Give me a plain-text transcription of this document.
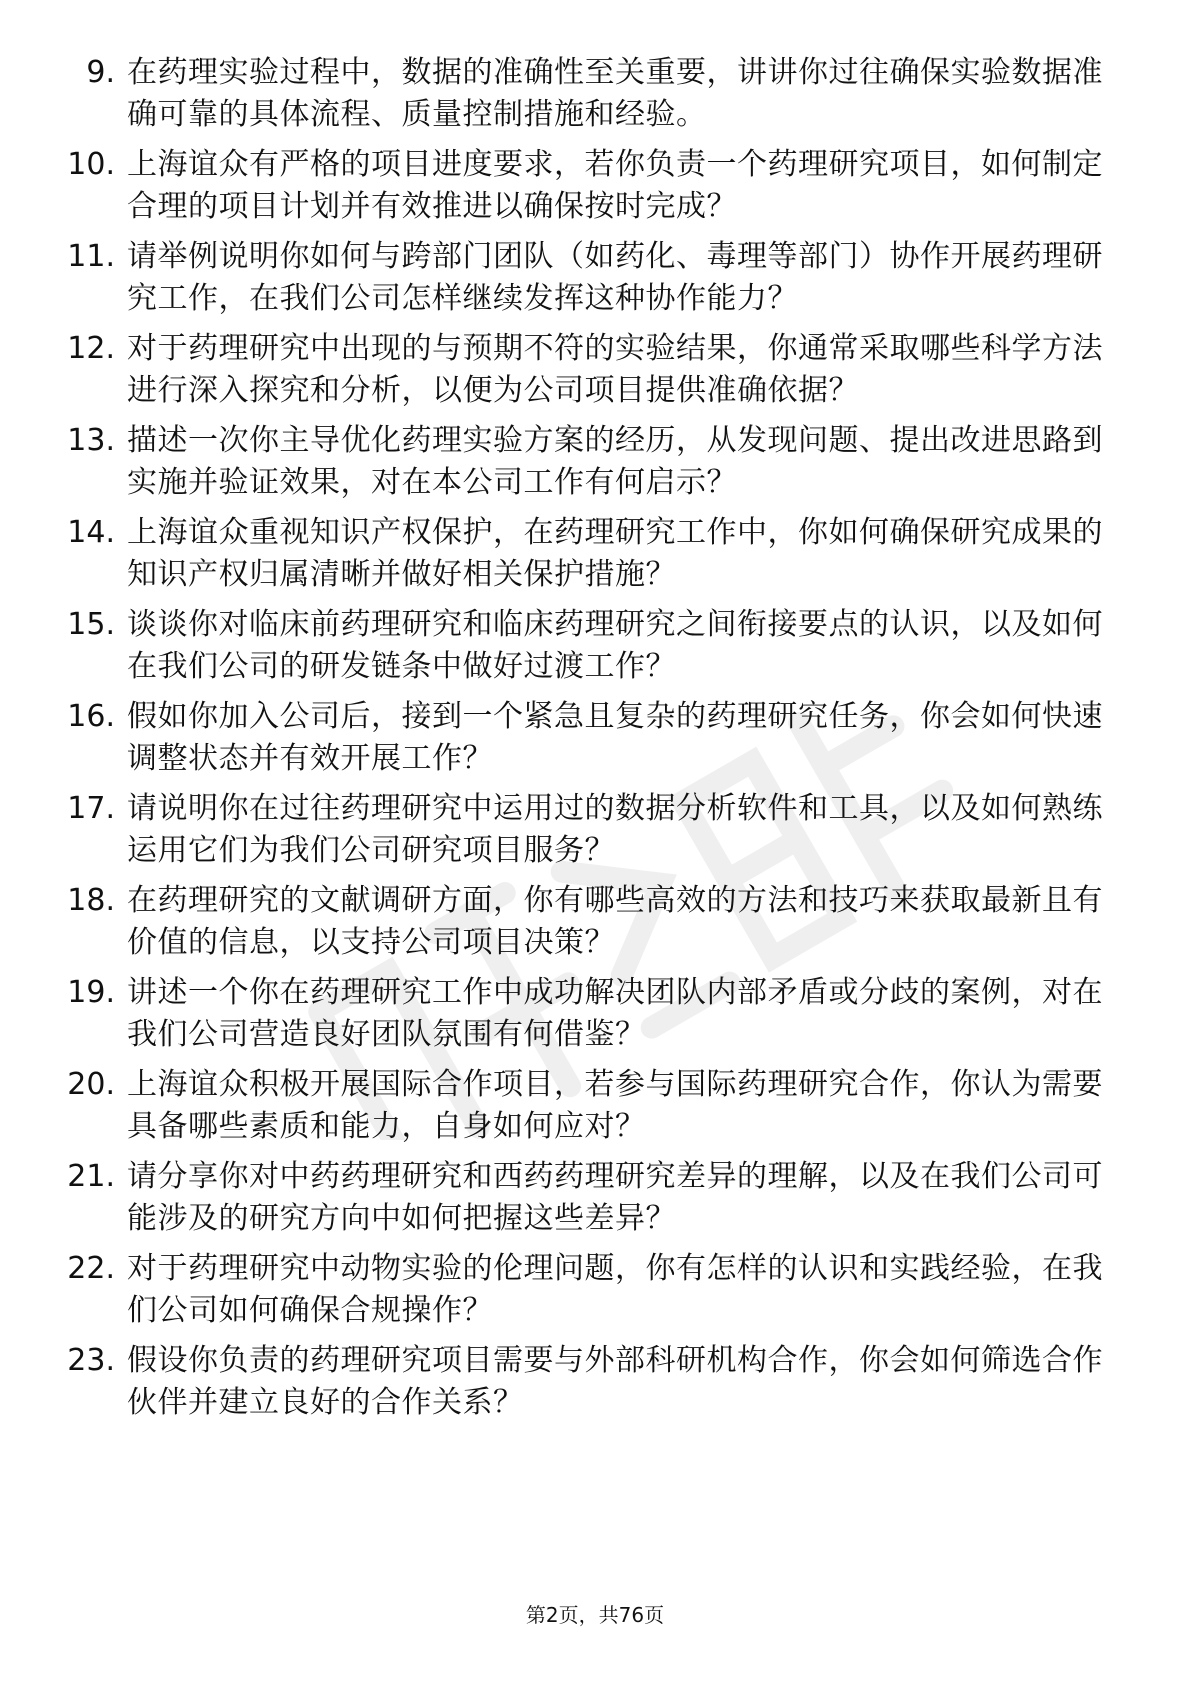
9. 在药理实验过程中，数据的准确性至关重要，讲讲你过往确保实验数据准确可靠的具体流程、质量控制措施和经验。
10. 上海谊众有严格的项目进度要求，若你负责一个药理研究项目，如何制定合理的项目计划并有效推进以确保按时完成？
11. 请举例说明你如何与跨部门团队（如药化、毒理等部门）协作开展药理研究工作，在我们公司怎样继续发挥这种协作能力？
12. 对于药理研究中出现的与预期不符的实验结果，你通常采取哪些科学方法进行深入探究和分析，以便为公司项目提供准确依据？
13. 描述一次你主导优化药理实验方案的经历，从发现问题、提出改进思路到实施并验证效果，对在本公司工作有何启示？
14. 上海谊众重视知识产权保护，在药理研究工作中，你如何确保研究成果的知识产权归属清晰并做好相关保护措施？
15. 谈谈你对临床前药理研究和临床药理研究之间衔接要点的认识，以及如何在我们公司的研发链条中做好过渡工作？
16. 假如你加入公司后，接到一个紧急且复杂的药理研究任务，你会如何快速调整状态并有效开展工作？
17. 请说明你在过往药理研究中运用过的数据分析软件和工具，以及如何熟练运用它们为我们公司研究项目服务？
18. 在药理研究的文献调研方面，你有哪些高效的方法和技巧来获取最新且有价值的信息，以支持公司项目决策？
19. 讲述一个你在药理研究工作中成功解决团队内部矛盾或分歧的案例，对在我们公司营造良好团队氛围有何借鉴？
20. 上海谊众积极开展国际合作项目，若参与国际药理研究合作，你认为需要具备哪些素质和能力，自身如何应对？
21. 请分享你对中药药理研究和西药药理研究差异的理解，以及在我们公司可能涉及的研究方向中如何把握这些差异？
22. 对于药理研究中动物实验的伦理问题，你有怎样的认识和实践经验，在我们公司如何确保合规操作？
23. 假设你负责的药理研究项目需要与外部科研机构合作，你会如何筛选合作伙伴并建立良好的合作关系？
第2页，共76页
